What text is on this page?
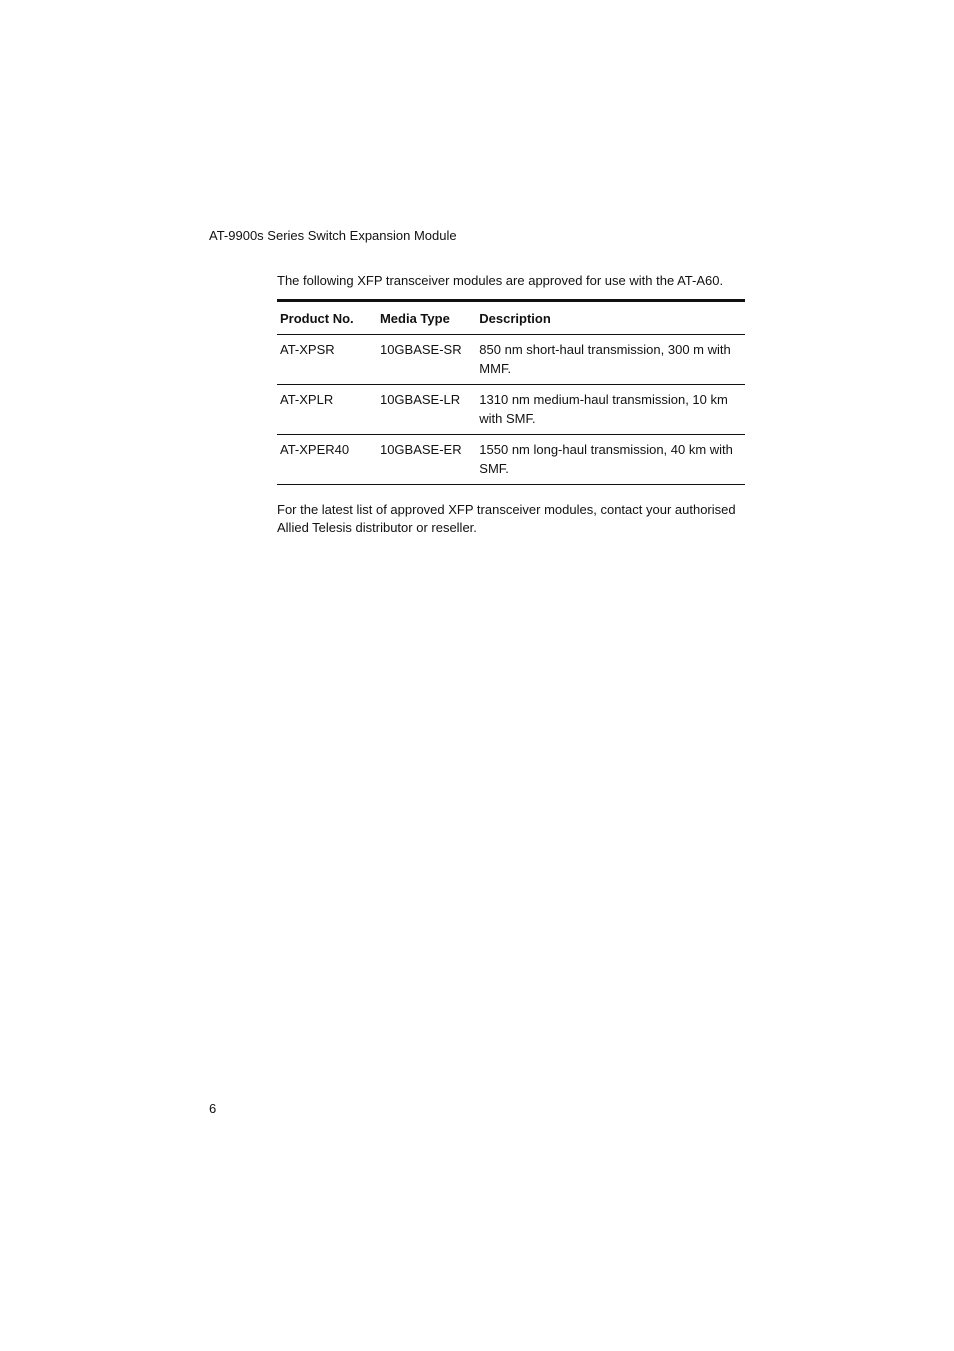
AT-9900s Series Switch Expansion Module

The following XFP transceiver modules are approved for use with the AT-A60.

Product No.	Media Type	Description
AT-XPSR	10GBASE-SR	850 nm short-haul transmission, 300 m with MMF.
AT-XPLR	10GBASE-LR	1310 nm medium-haul transmission, 10 km with SMF.
AT-XPER40	10GBASE-ER	1550 nm long-haul transmission, 40 km with SMF.

For the latest list of approved XFP transceiver modules, contact your authorised Allied Telesis distributor or reseller.

6
